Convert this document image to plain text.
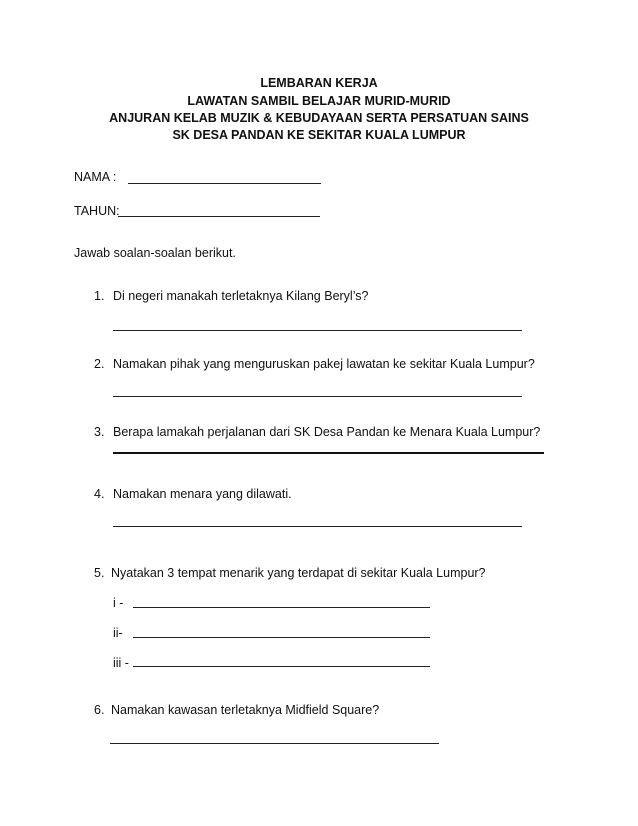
LEMBARAN KERJA
LAWATAN SAMBIL BELAJAR MURID-MURID
ANJURAN KELAB MUZIK & KEBUDAYAAN SERTA PERSATUAN SAINS
SK DESA PANDAN KE SEKITAR KUALA LUMPUR
NAMA :
TAHUN:
Jawab soalan-soalan berikut.
1. Di negeri manakah terletaknya Kilang Beryl’s?
2. Namakan pihak yang menguruskan pakej lawatan ke sekitar Kuala Lumpur?
3. Berapa lamakah perjalanan dari SK Desa Pandan ke Menara Kuala Lumpur?
4. Namakan menara yang dilawati.
5. Nyatakan 3 tempat menarik yang terdapat di sekitar Kuala Lumpur?
i -
ii-
iii -
6. Namakan kawasan terletaknya Midfield Square?
